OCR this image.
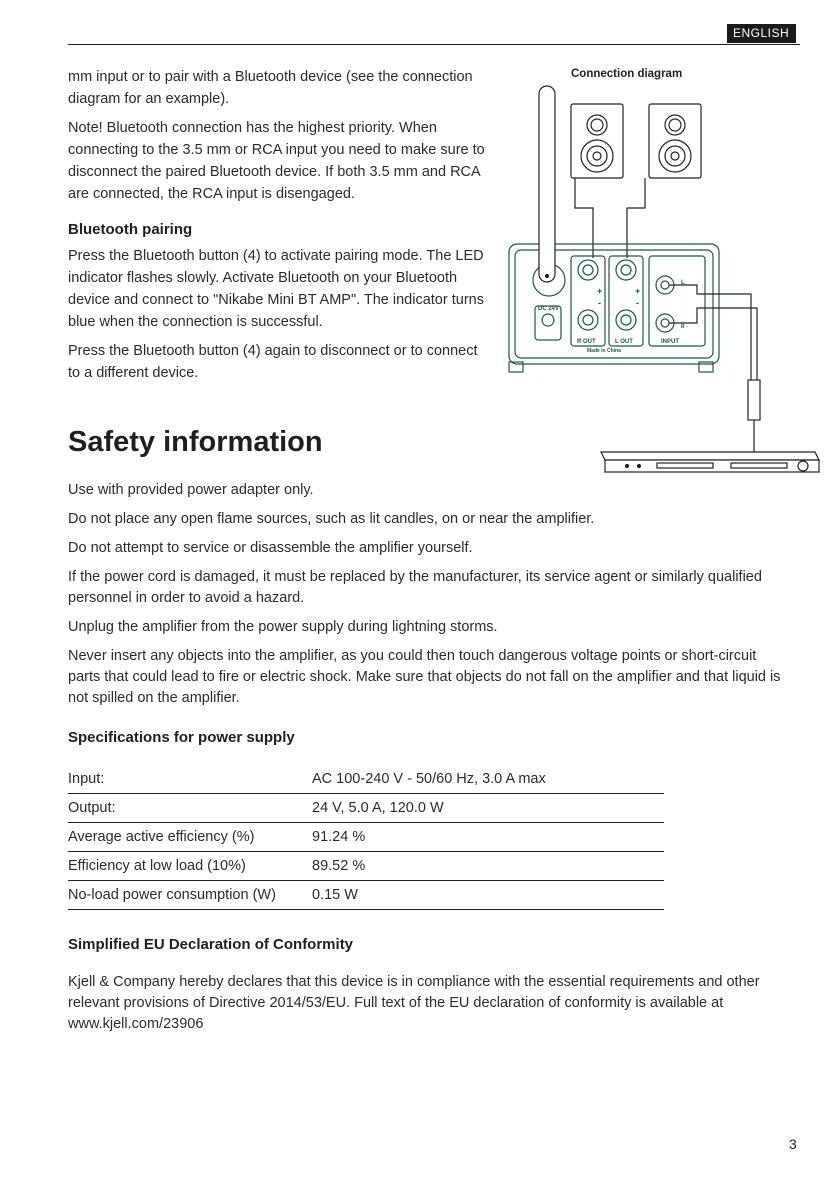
ENGLISH

mm input or to pair with a Bluetooth device (see the connection diagram for an example).

Note! Bluetooth connection has the highest priority. When connecting to the 3.5 mm or RCA input you need to make sure to disconnect the paired Bluetooth device. If both 3.5 mm and RCA are connected, the RCA input is disengaged.

Bluetooth pairing

Press the Bluetooth button (4) to activate pairing mode. The LED indicator flashes slowly. Activate Bluetooth on your Bluetooth device and connect to "Nikabe Mini BT AMP". The indicator turns blue when the connection is successful.

Press the Bluetooth button (4) again to disconnect or to connect to a different device.

Connection diagram
DC 24V
R OUT	L OUT	INPUT
Made in China
+	+
-	-
L
R
Safety information

Use with provided power adapter only.

Do not place any open flame sources, such as lit candles, on or near the amplifier.

Do not attempt to service or disassemble the amplifier yourself.

If the power cord is damaged, it must be replaced by the manufacturer, its service agent or similarly qualified personnel in order to avoid a hazard.

Unplug the amplifier from the power supply during lightning storms.

Never insert any objects into the amplifier, as you could then touch dangerous voltage points or short-circuit parts that could lead to fire or electric shock. Make sure that objects do not fall on the amplifier and that liquid is not spilled on the amplifier.

Specifications for power supply
Input:	AC 100-240 V - 50/60 Hz, 3.0 A max
Output:	24 V, 5.0 A, 120.0 W
Average active efficiency (%)	91.24 %
Efficiency at low load (10%)	89.52 %
No-load power consumption (W)	0.15 W
Simplified EU Declaration of Conformity

Kjell & Company hereby declares that this device is in compliance with the essential requirements and other relevant provisions of Directive 2014/53/EU. Full text of the EU declaration of conformity is available at www.kjell.com/23906

3
